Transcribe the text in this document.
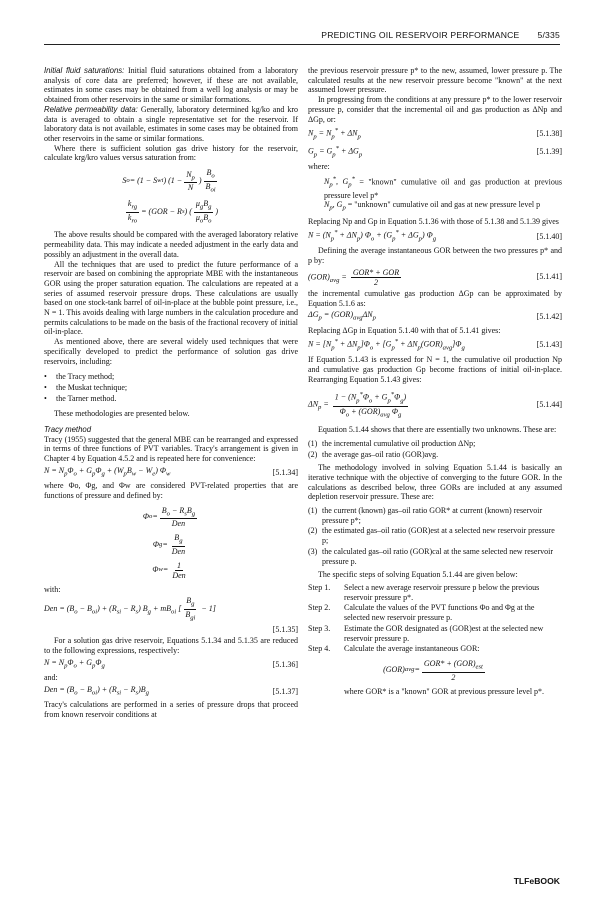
PREDICTING OIL RESERVOIR PERFORMANCE 5/335

Initial fluid saturations: Initial fluid saturations obtained from a laboratory analysis of core data are preferred; however, if these are not available, estimates in some cases may be obtained from a well log analysis or may be obtained from other reservoirs in the same or similar formations.

Relative permeability data: Generally, laboratory determined kg/ko and kro data is averaged to obtain a single representative set for the reservoir. If laboratory data is not available, estimates in some cases may be obtained from other reservoirs in the same or similar formations.

Where there is sufficient solution gas drive history for the reservoir, calculate krg/kro values versus saturation from:

S o = (1 − S wi ) ($1 - \frac{N_p}{N}$ ) $\frac{B_o}{B_{oi}}$
$\frac{k_{rg}}{k_{ro}} = (GOR - R$ s ) ( $\frac{\mu_gB_g}{\mu_oB_o}$ )

The above results should be compared with the averaged laboratory relative permeability data. This may indicate a needed adjustment in the early data and possibly an adjustment in the overall data.

All the techniques that are used to predict the future performance of a reservoir are based on combining the appropriate MBE with the instantaneous GOR using the proper saturation equation. The calculations are repeated at a series of assumed reservoir pressure drops. These calculations are usually based on one stock-tank barrel of oil-in-place at the bubble point pressure, i.e., N = 1. This avoids dealing with large numbers in the calculation procedure and permits calculations to be made on the basis of the fractional recovery of initial oil-in-place.

As mentioned above, there are several widely used techniques that were specifically developed to predict the performance of solution gas drive reservoirs, including:

• the Tracy method;
• the Muskat technique;
• the Tarner method.

These methodologies are presented below.

Tracy method

Tracy (1955) suggested that the general MBE can be rearranged and expressed in terms of three functions of PVT variables. Tracy's arrangement is given in Chapter 4 by Equation 4.5.2 and is repeated here for convenience:

$N = N_p\Phi_o + G_p\Phi_g + (W_pB_w - W_e)$ $\Phi_w$	[5.1.34]

where Φo, Φg, and Φw are considered PVT-related properties that are functions of pressure and defined by:

Φ $o = \frac{B_o - R_sB_g}{\text{Den}}$
Φ $g = \frac{B_g}{\text{Den}}$
Φ $w = \frac{1}{\text{Den}}$

with:

Den = $(B_o - B_{oi}) + (R_{si} - R_s) B_g + mB_{oi}$ [ $\frac{B_g}{B_{gi}} - 1$]
[5.1.35]

For a solution gas drive reservoir, Equations 5.1.34 and 5.1.35 are reduced to the following expressions, respectively:

$N = N_p\Phi_o + G_p\Phi_g$	[5.1.36]

and:

Den = $(B_o - B_{oi}) + (R_{si} - R_s)B_g$	[5.1.37]

Tracy's calculations are performed in a series of pressure drops that proceed from known reservoir conditions at

the previous reservoir pressure p* to the new, assumed, lower pressure p. The calculated results at the new reservoir pressure become "known" at the next assumed lower pressure.

In progressing from the conditions at any pressure p* to the lower reservoir pressure p, consider that the incremental oil and gas production as ΔNp and ΔGp, or:

$N_p = N_p^* + \Delta N_p$	[5.1.38]
$G_p = G_p^* + \Delta G_p$	[5.1.39]

where:

$N_p^*$, $G_p^*$ = "known" cumulative oil and gas production at previous pressure level p*
$N_p$, $G_p$ = "unknown" cumulative oil and gas at new pressure level p

Replacing Np and Gp in Equation 5.1.36 with those of 5.1.38 and 5.1.39 gives

$N = (N_p^* + \Delta N_p) \Phi_o + (G_p^* + \Delta G_p)$ $\Phi_g$	[5.1.40]

Defining the average instantaneous GOR between the two pressures p* and p by:

$(GOR)_{avg} = \frac{\text{GOR* + GOR}}{2}$	[5.1.41]

the incremental cumulative gas production ΔGp can be approximated by Equation 5.1.6 as:

$\Delta G_p = (GOR)_{avg}\Delta N_p$	[5.1.42]

Replacing ΔGp in Equation 5.1.40 with that of 5.1.41 gives:

$N = [N_p^* + \Delta N_p]\Phi_o + [G_p^* + \Delta N_p(GOR)_{avg}]\Phi_g$	[5.1.43]

If Equation 5.1.43 is expressed for N = 1, the cumulative oil production Np and cumulative gas production Gp become fractions of initial oil-in-place. Rearranging Equation 5.1.43 gives:

$\Delta N_p = \frac{1 - (N_p^*\Phi_o + G_p^*\Phi_g)}{\Phi_o + (GOR)_{avg} \Phi_g}$	[5.1.44]

Equation 5.1.44 shows that there are essentially two unknowns. These are:

(1) the incremental cumulative oil production ΔNp;
(2) the average gas–oil ratio (GOR)avg.

The methodology involved in solving Equation 5.1.44 is basically an iterative technique with the objective of converging to the future GOR. In the calculations as described below, three GORs are included at any assumed depletion reservoir pressure. These are:

(1) the current (known) gas–oil ratio GOR* at current (known) reservoir pressure p*;
(2) the estimated gas–oil ratio (GOR)est at a selected new reservoir pressure p;
(3) the calculated gas–oil ratio (GOR)cal at the same selected new reservoir pressure p.

The specific steps of solving Equation 5.1.44 are given below:

Step 1.	Select a new average reservoir pressure p below the previous reservoir pressure p*.
Step 2.	Calculate the values of the PVT functions Φo and Φg at the selected new reservoir pressure p.
Step 3.	Estimate the GOR designated as (GOR)est at the selected new reservoir pressure p.
Step 4.	Calculate the average instantaneous GOR:
(GOR) avg = $\frac{GOR* + (GOR)_{est}}{2}$

where GOR* is a "known" GOR at previous pressure level p*.

TLFeBOOK
